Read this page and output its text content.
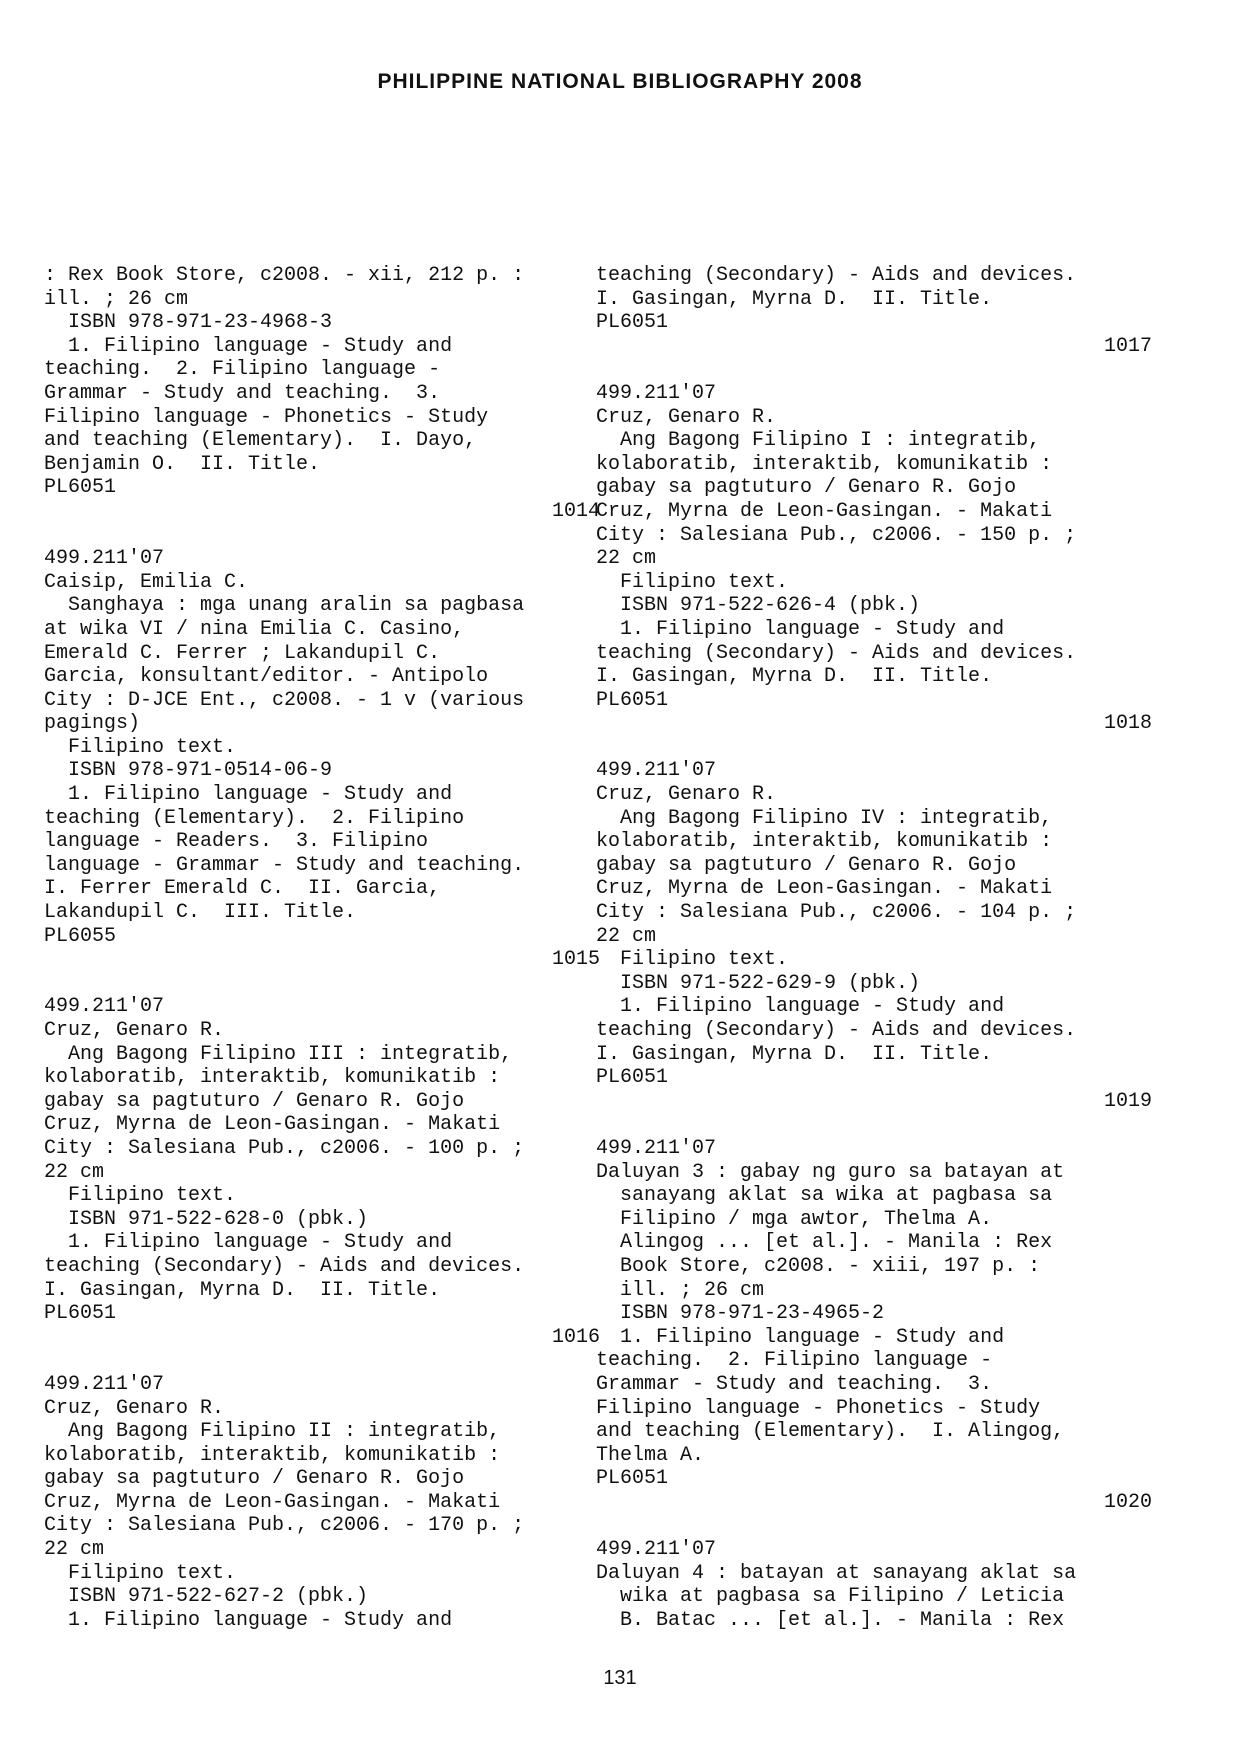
PHILIPPINE NATIONAL BIBLIOGRAPHY 2008
: Rex Book Store, c2008. - xii, 212 p. :
ill. ; 26 cm
ISBN 978-971-23-4968-3
1. Filipino language - Study and
teaching.  2. Filipino language -
Grammar - Study and teaching.  3.
Filipino language - Phonetics - Study
and teaching (Elementary).  I. Dayo,
Benjamin O.  II. Title.
PL6051
1014
499.211'07
Caisip, Emilia C.
Sanghaya : mga unang aralin sa pagbasa
at wika VI / nina Emilia C. Casino,
Emerald C. Ferrer ; Lakandupil C.
Garcia, konsultant/editor. - Antipolo
City : D-JCE Ent., c2008. - 1 v (various
pagings)
Filipino text.
ISBN 978-971-0514-06-9
1. Filipino language - Study and
teaching (Elementary).  2. Filipino
language - Readers.  3. Filipino
language - Grammar - Study and teaching.
I. Ferrer Emerald C.  II. Garcia,
Lakandupil C.  III. Title.
PL6055
1015
499.211'07
Cruz, Genaro R.
Ang Bagong Filipino III : integratib,
kolaboratib, interaktib, komunikatib :
gabay sa pagtuturo / Genaro R. Gojo
Cruz, Myrna de Leon-Gasingan. - Makati
City : Salesiana Pub., c2006. - 100 p. ;
22 cm
Filipino text.
ISBN 971-522-628-0 (pbk.)
1. Filipino language - Study and
teaching (Secondary) - Aids and devices.
I. Gasingan, Myrna D.  II. Title.
PL6051
1016
499.211'07
Cruz, Genaro R.
Ang Bagong Filipino II : integratib,
kolaboratib, interaktib, komunikatib :
gabay sa pagtuturo / Genaro R. Gojo
Cruz, Myrna de Leon-Gasingan. - Makati
City : Salesiana Pub., c2006. - 170 p. ;
22 cm
Filipino text.
ISBN 971-522-627-2 (pbk.)
1. Filipino language - Study and
teaching (Secondary) - Aids and devices.
I. Gasingan, Myrna D.  II. Title.
PL6051
1017
499.211'07
Cruz, Genaro R.
Ang Bagong Filipino I : integratib,
kolaboratib, interaktib, komunikatib :
gabay sa pagtuturo / Genaro R. Gojo
Cruz, Myrna de Leon-Gasingan. - Makati
City : Salesiana Pub., c2006. - 150 p. ;
22 cm
Filipino text.
ISBN 971-522-626-4 (pbk.)
1. Filipino language - Study and
teaching (Secondary) - Aids and devices.
I. Gasingan, Myrna D.  II. Title.
PL6051
1018
499.211'07
Cruz, Genaro R.
Ang Bagong Filipino IV : integratib,
kolaboratib, interaktib, komunikatib :
gabay sa pagtuturo / Genaro R. Gojo
Cruz, Myrna de Leon-Gasingan. - Makati
City : Salesiana Pub., c2006. - 104 p. ;
22 cm
Filipino text.
ISBN 971-522-629-9 (pbk.)
1. Filipino language - Study and
teaching (Secondary) - Aids and devices.
I. Gasingan, Myrna D.  II. Title.
PL6051
1019
499.211'07
Daluyan 3 : gabay ng guro sa batayan at
sanayang aklat sa wika at pagbasa sa
Filipino / mga awtor, Thelma A.
Alingog ... [et al.]. - Manila : Rex
Book Store, c2008. - xiii, 197 p. :
ill. ; 26 cm
ISBN 978-971-23-4965-2
1. Filipino language - Study and
teaching.  2. Filipino language -
Grammar - Study and teaching.  3.
Filipino language - Phonetics - Study
and teaching (Elementary).  I. Alingog,
Thelma A.
PL6051
1020
499.211'07
Daluyan 4 : batayan at sanayang aklat sa
wika at pagbasa sa Filipino / Leticia
B. Batac ... [et al.]. - Manila : Rex
131
